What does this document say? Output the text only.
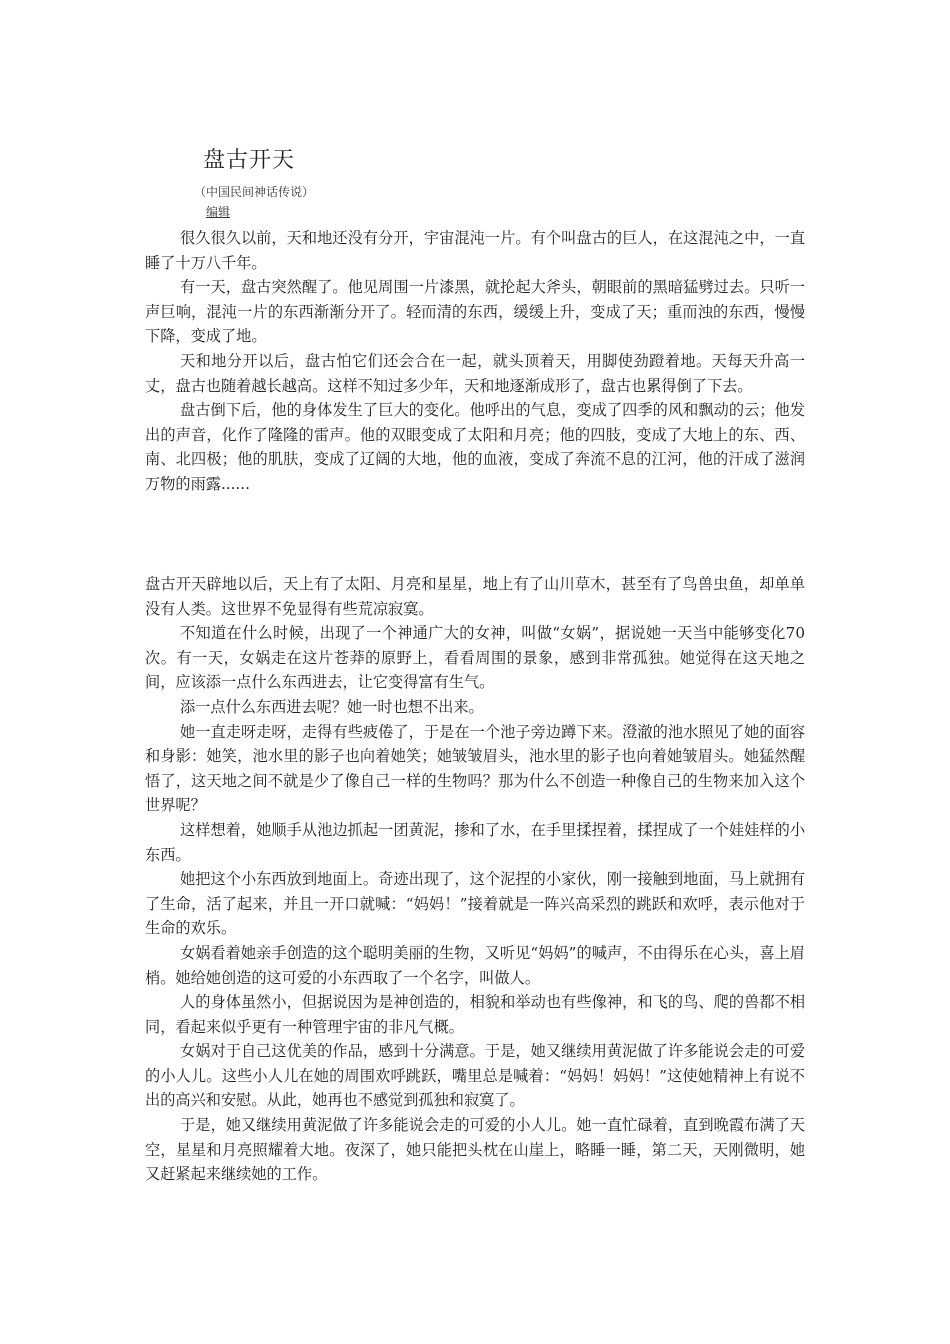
盘古开天

（中国民间神话传说）

编辑

很久很久以前，天和地还没有分开，宇宙混沌一片。有个叫盘古的巨人，在这混沌之中，一直睡了十万八千年。

有一天，盘古突然醒了。他见周围一片漆黑，就抡起大斧头，朝眼前的黑暗猛劈过去。只听一声巨响，混沌一片的东西渐渐分开了。轻而清的东西，缓缓上升，变成了天；重而浊的东西，慢慢下降，变成了地。

天和地分开以后，盘古怕它们还会合在一起，就头顶着天，用脚使劲蹬着地。天每天升高一丈，盘古也随着越长越高。这样不知过多少年，天和地逐渐成形了，盘古也累得倒了下去。

盘古倒下后，他的身体发生了巨大的变化。他呼出的气息，变成了四季的风和飘动的云；他发出的声音，化作了隆隆的雷声。他的双眼变成了太阳和月亮；他的四肢，变成了大地上的东、西、南、北四极；他的肌肤，变成了辽阔的大地，他的血液，变成了奔流不息的江河，他的汗成了滋润万物的雨露......

盘古开天辟地以后，天上有了太阳、月亮和星星，地上有了山川草木，甚至有了鸟兽虫鱼，却单单没有人类。这世界不免显得有些荒凉寂寞。

不知道在什么时候，出现了一个神通广大的女神，叫做“女娲”，据说她一天当中能够变化70次。有一天，女娲走在这片苍莽的原野上，看看周围的景象，感到非常孤独。她觉得在这天地之间，应该添一点什么东西进去，让它变得富有生气。

添一点什么东西进去呢？她一时也想不出来。

她一直走呀走呀，走得有些疲倦了，于是在一个池子旁边蹲下来。澄澈的池水照见了她的面容和身影：她笑，池水里的影子也向着她笑；她皱皱眉头，池水里的影子也向着她皱眉头。她猛然醒悟了，这天地之间不就是少了像自己一样的生物吗？那为什么不创造一种像自己的生物来加入这个世界呢？

这样想着，她顺手从池边抓起一团黄泥，掺和了水，在手里揉捏着，揉捏成了一个娃娃样的小东西。

她把这个小东西放到地面上。奇迹出现了，这个泥捏的小家伙，刚一接触到地面，马上就拥有了生命，活了起来，并且一开口就喊：“妈妈！”接着就是一阵兴高采烈的跳跃和欢呼，表示他对于生命的欢乐。

女娲看着她亲手创造的这个聪明美丽的生物，又听见“妈妈”的喊声，不由得乐在心头，喜上眉梢。她给她创造的这可爱的小东西取了一个名字，叫做人。

人的身体虽然小，但据说因为是神创造的，相貌和举动也有些像神，和飞的鸟、爬的兽都不相同，看起来似乎更有一种管理宇宙的非凡气概。

女娲对于自己这优美的作品，感到十分满意。于是，她又继续用黄泥做了许多能说会走的可爱的小人儿。这些小人儿在她的周围欢呼跳跃，嘴里总是喊着：“妈妈！妈妈！”这使她精神上有说不出的高兴和安慰。从此，她再也不感觉到孤独和寂寞了。

于是，她又继续用黄泥做了许多能说会走的可爱的小人儿。她一直忙碌着，直到晚霞布满了天空，星星和月亮照耀着大地。夜深了，她只能把头枕在山崖上，略睡一睡，第二天，天刚微明，她又赶紧起来继续她的工作。
